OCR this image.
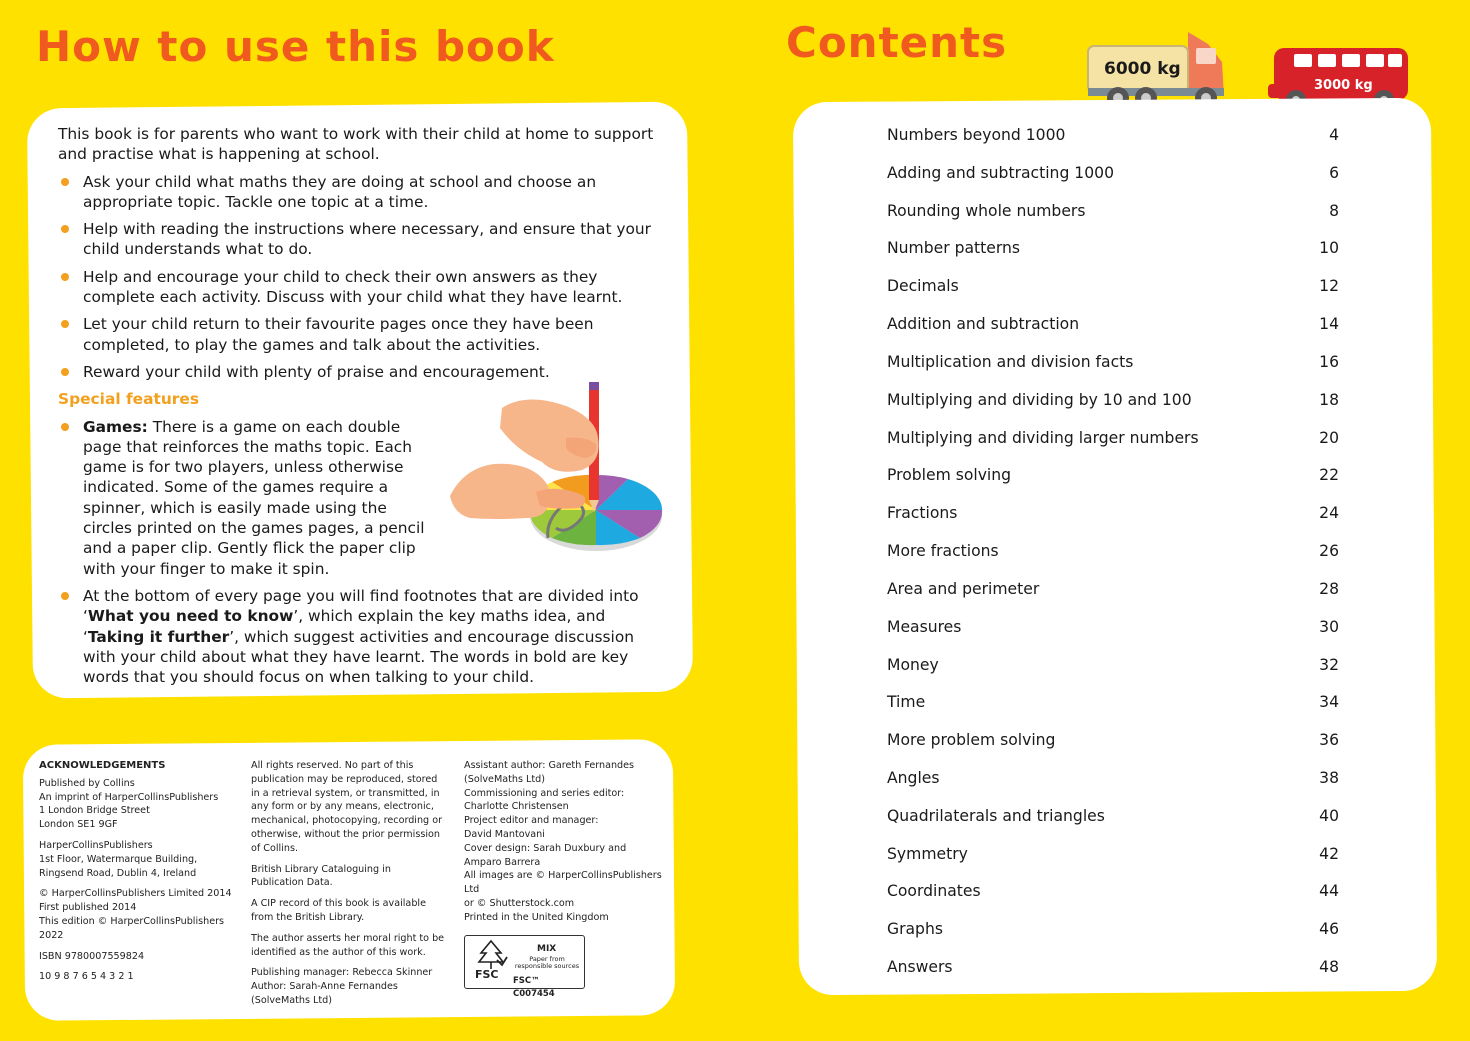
How to use this book

This book is for parents who want to work with their child at home to support and practise what is happening at school.

Ask your child what maths they are doing at school and choose an appropriate topic. Tackle one topic at a time.
Help with reading the instructions where necessary, and ensure that your child understands what to do.
Help and encourage your child to check their own answers as they complete each activity. Discuss with your child what they have learnt.
Let your child return to their favourite pages once they have been completed, to play the games and talk about the activities.
Reward your child with plenty of praise and encouragement.

Special features

Games: There is a game on each double page that reinforces the maths topic. Each game is for two players, unless otherwise indicated. Some of the games require a spinner, which is easily made using the circles printed on the games pages, a pencil and a paper clip. Gently flick the paper clip with your finger to make it spin.
At the bottom of every page you will find footnotes that are divided into ‘What you need to know’, which explain the key maths idea, and ‘Taking it further’, which suggest activities and encourage discussion with your child about what they have learnt. The words in bold are key words that you should focus on when talking to your child.
ACKNOWLEDGEMENTS

Published by Collins
An imprint of HarperCollinsPublishers
1 London Bridge Street
London SE1 9GF

HarperCollinsPublishers
1st Floor, Watermarque Building,
Ringsend Road, Dublin 4, Ireland

© HarperCollinsPublishers Limited 2014
First published 2014
This edition © HarperCollinsPublishers 2022

ISBN 9780007559824

10 9 8 7 6 5 4 3 2 1

All rights reserved. No part of this publication may be reproduced, stored in a retrieval system, or transmitted, in any form or by any means, electronic, mechanical, photocopying, recording or otherwise, without the prior permission of Collins.

British Library Cataloguing in Publication Data.

A CIP record of this book is available from the British Library.

The author asserts her moral right to be identified as the author of this work.

Publishing manager: Rebecca Skinner
Author: Sarah-Anne Fernandes
(SolveMaths Ltd)

Assistant author: Gareth Fernandes
(SolveMaths Ltd)
Commissioning and series editor:
Charlotte Christensen
Project editor and manager:
David Mantovani
Cover design: Sarah Duxbury and
Amparo Barrera
All images are © HarperCollinsPublishers Ltd
or © Shutterstock.com
Printed in the United Kingdom
FSC
MIX
Paper from responsible sources
FSC™ C007454
Contents
6000 kg
3000 kg
Numbers beyond 1000	4
Adding and subtracting 1000	6
Rounding whole numbers	8
Number patterns	10
Decimals	12
Addition and subtraction	14
Multiplication and division facts	16
Multiplying and dividing by 10 and 100	18
Multiplying and dividing larger numbers	20
Problem solving	22
Fractions	24
More fractions	26
Area and perimeter	28
Measures	30
Money	32
Time	34
More problem solving	36
Angles	38
Quadrilaterals and triangles	40
Symmetry	42
Coordinates	44
Graphs	46
Answers	48
